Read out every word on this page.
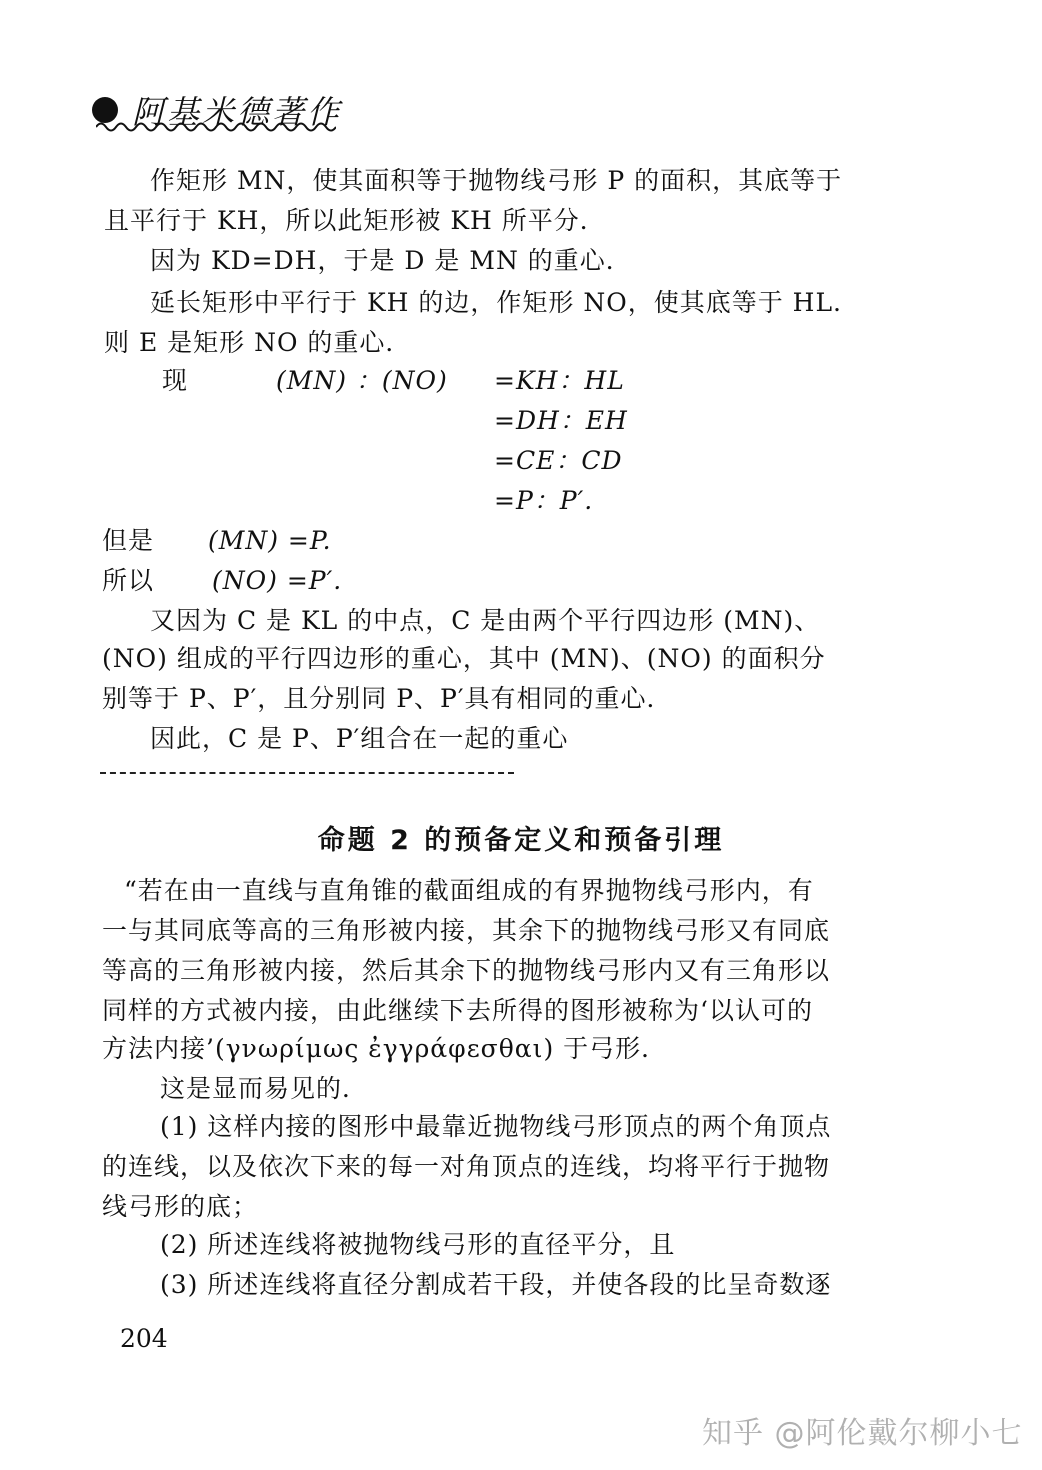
阿基米德著作
作矩形 MN，使其面积等于抛物线弓形 P 的面积，其底等于
且平行于 KH，所以此矩形被 KH 所平分．
因为 KD=DH，于是 D 是 MN 的重心．
延长矩形中平行于 KH 的边，作矩形 NO，使其底等于 HL.
则 E 是矩形 NO 的重心．
现	(MN) ：(NO) =KH：HL
=DH：EH
=CE：CD
=P：P′.
但是 (MN) =P.
所以 (NO) =P′.
又因为 C 是 KL 的中点，C 是由两个平行四边形 (MN)、
(NO) 组成的平行四边形的重心，其中 (MN)、(NO) 的面积分
别等于 P、P′，且分别同 P、P′具有相同的重心．
因此，C 是 P、P′组合在一起的重心
命题 2 的预备定义和预备引理
“若在由一直线与直角锥的截面组成的有界抛物线弓形内，有
一与其同底等高的三角形被内接，其余下的抛物线弓形又有同底
等高的三角形被内接，然后其余下的抛物线弓形内又有三角形以
同样的方式被内接，由此继续下去所得的图形被称为‘以认可的
方法内接’(γνωρίμως ἐγγράφεσθαι) 于弓形．
这是显而易见的．
(1) 这样内接的图形中最靠近抛物线弓形顶点的两个角顶点
的连线，以及依次下来的每一对角顶点的连线，均将平行于抛物
线弓形的底；
(2) 所述连线将被抛物线弓形的直径平分，且
(3) 所述连线将直径分割成若干段，并使各段的比呈奇数逐
204
知乎 @阿伦戴尔柳小七
